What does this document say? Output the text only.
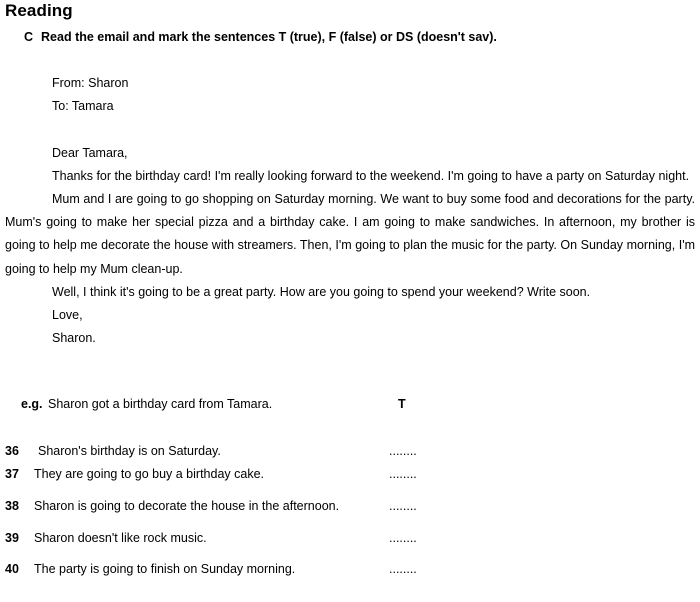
Reading
C Read the email and mark the sentences T (true), F (false) or DS (doesn't sav).
From: Sharon
To: Tamara
Dear Tamara,

Thanks for the birthday card! I'm really looking forward to the weekend. I'm going to have a party on Saturday night.

Mum and I are going to go shopping on Saturday morning. We want to buy some food and decorations for the party. Mum's going to make her special pizza and a birthday cake. I am going to make sandwiches. In afternoon, my brother is going to help me decorate the house with streamers. Then, I'm going to plan the music for the party. On Sunday morning, I'm going to help my Mum clean-up.

Well, I think it's going to be a great party. How are you going to spend your weekend? Write soon.

Love,
Sharon.
e.g. Sharon got a birthday card from Tamara.	T
36 Sharon's birthday is on Saturday.	........
37 They are going to go buy a birthday cake.	........
38 Sharon is going to decorate the house in the afternoon.	........
39 Sharon doesn't like rock music.	........
40 The party is going to finish on Sunday morning.	........
